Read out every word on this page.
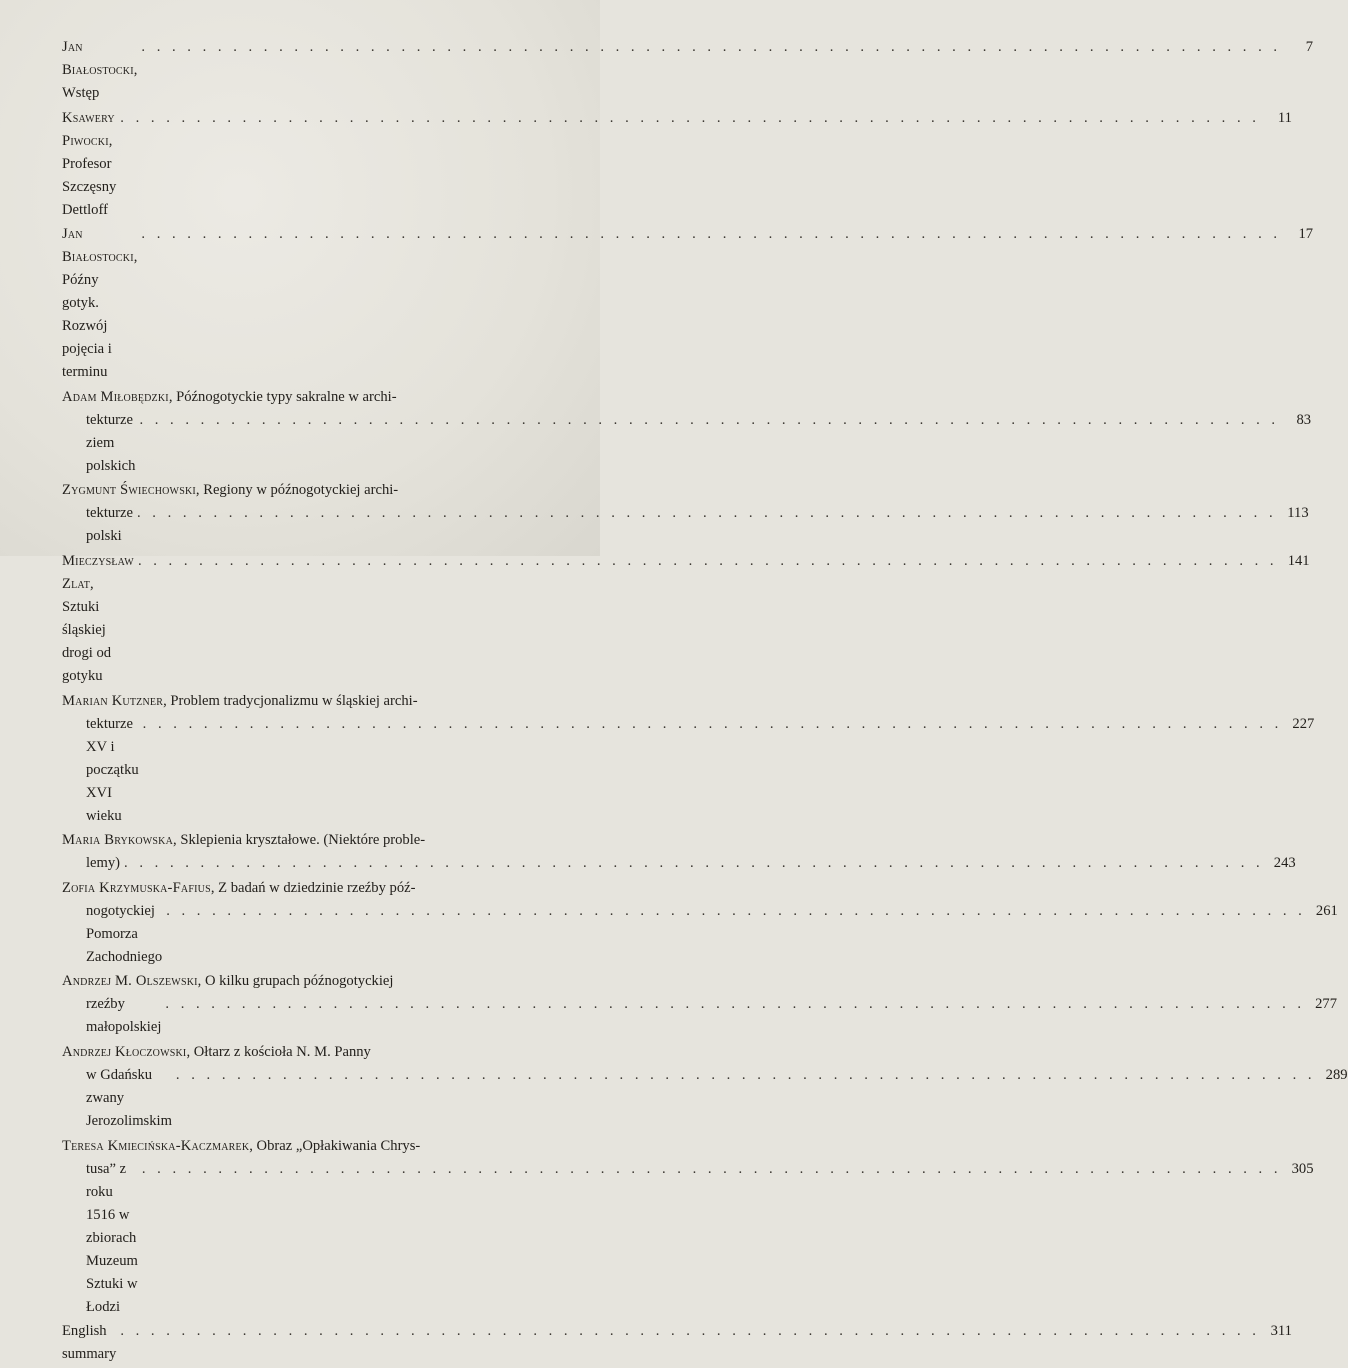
Jan Białostocki, Wstęp
. . .
7
Ksawery Piwocki, Profesor Szczęsny Dettloff
. . .
11
Jan Białostocki, Późny gotyk. Rozwój pojęcia i terminu
. . .
17
Adam Miłobędzki, Późnogotyckie typy sakralne w archi-
tekturze ziem polskich
. . .
83
Zygmunt Świechowski, Regiony w późnogotyckiej archi-
tekturze polski
. . .
113
Mieczysław Zlat, Sztuki śląskiej drogi od gotyku
. . .
141
Marian Kutzner, Problem tradycjonalizmu w śląskiej archi-
tekturze XV i początku XVI wieku
. . .
227
Maria Brykowska, Sklepienia kryształowe. (Niektóre proble-
lemy)
. . .	243
Zofia Krzymuska-Fafius, Z badań w dziedzinie rzeźby póź-
nogotyckiej Pomorza Zachodniego
. . .
261
Andrzej M. Olszewski, O kilku grupach późnogotyckiej
rzeźby małopolskiej
. . .
277
Andrzej Kłoczowski, Ołtarz z kościoła N. M. Panny
w Gdańsku zwany Jerozolimskim
. . .
289
Teresa Kmiecińska-Kaczmarek, Obraz „Opłakiwania Chrys-
tusa” z roku 1516 w zbiorach Muzeum Sztuki w Łodzi
. . .
305
English summary
. . .
311
